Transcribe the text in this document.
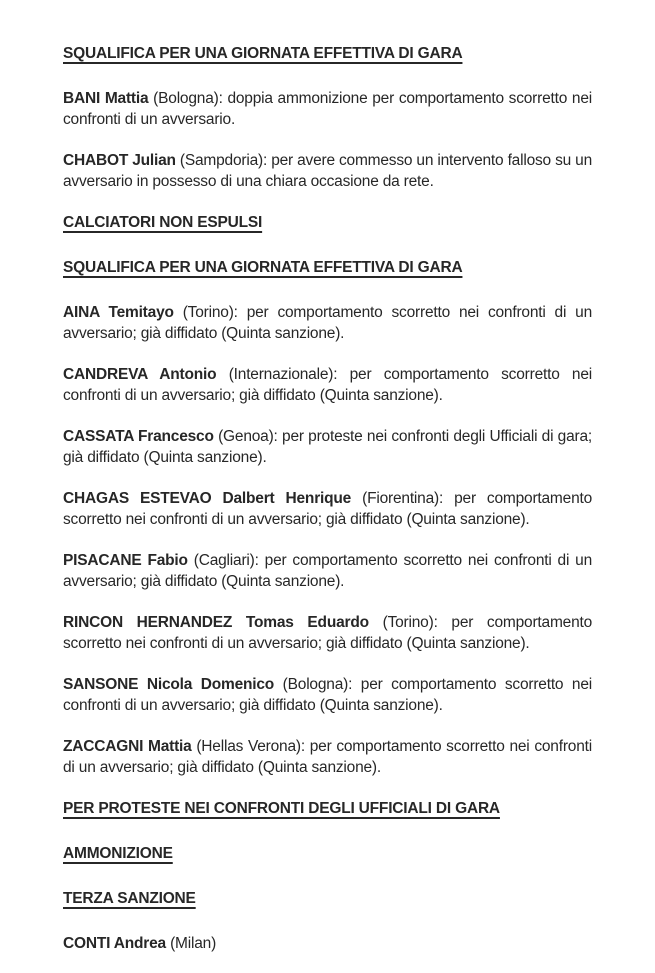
SQUALIFICA PER UNA GIORNATA EFFETTIVA DI GARA

BANI Mattia (Bologna): doppia ammonizione per comportamento scorretto nei confronti di un avversario.

CHABOT Julian (Sampdoria): per avere commesso un intervento falloso su un avversario in possesso di una chiara occasione da rete.

CALCIATORI NON ESPULSI
SQUALIFICA PER UNA GIORNATA EFFETTIVA DI GARA

AINA Temitayo (Torino): per comportamento scorretto nei confronti di un avversario; già diffidato (Quinta sanzione).

CANDREVA Antonio (Internazionale): per comportamento scorretto nei confronti di un avversario; già diffidato (Quinta sanzione).

CASSATA Francesco (Genoa): per proteste nei confronti degli Ufficiali di gara; già diffidato (Quinta sanzione).

CHAGAS ESTEVAO Dalbert Henrique (Fiorentina): per comportamento scorretto nei confronti di un avversario; già diffidato (Quinta sanzione).

PISACANE Fabio (Cagliari): per comportamento scorretto nei confronti di un avversario; già diffidato (Quinta sanzione).

RINCON HERNANDEZ Tomas Eduardo (Torino): per comportamento scorretto nei confronti di un avversario; già diffidato (Quinta sanzione).

SANSONE Nicola Domenico (Bologna): per comportamento scorretto nei confronti di un avversario; già diffidato (Quinta sanzione).

ZACCAGNI Mattia (Hellas Verona): per comportamento scorretto nei confronti di un avversario; già diffidato (Quinta sanzione).

PER PROTESTE NEI CONFRONTI DEGLI UFFICIALI DI GARA
AMMONIZIONE
TERZA SANZIONE

CONTI Andrea (Milan)
